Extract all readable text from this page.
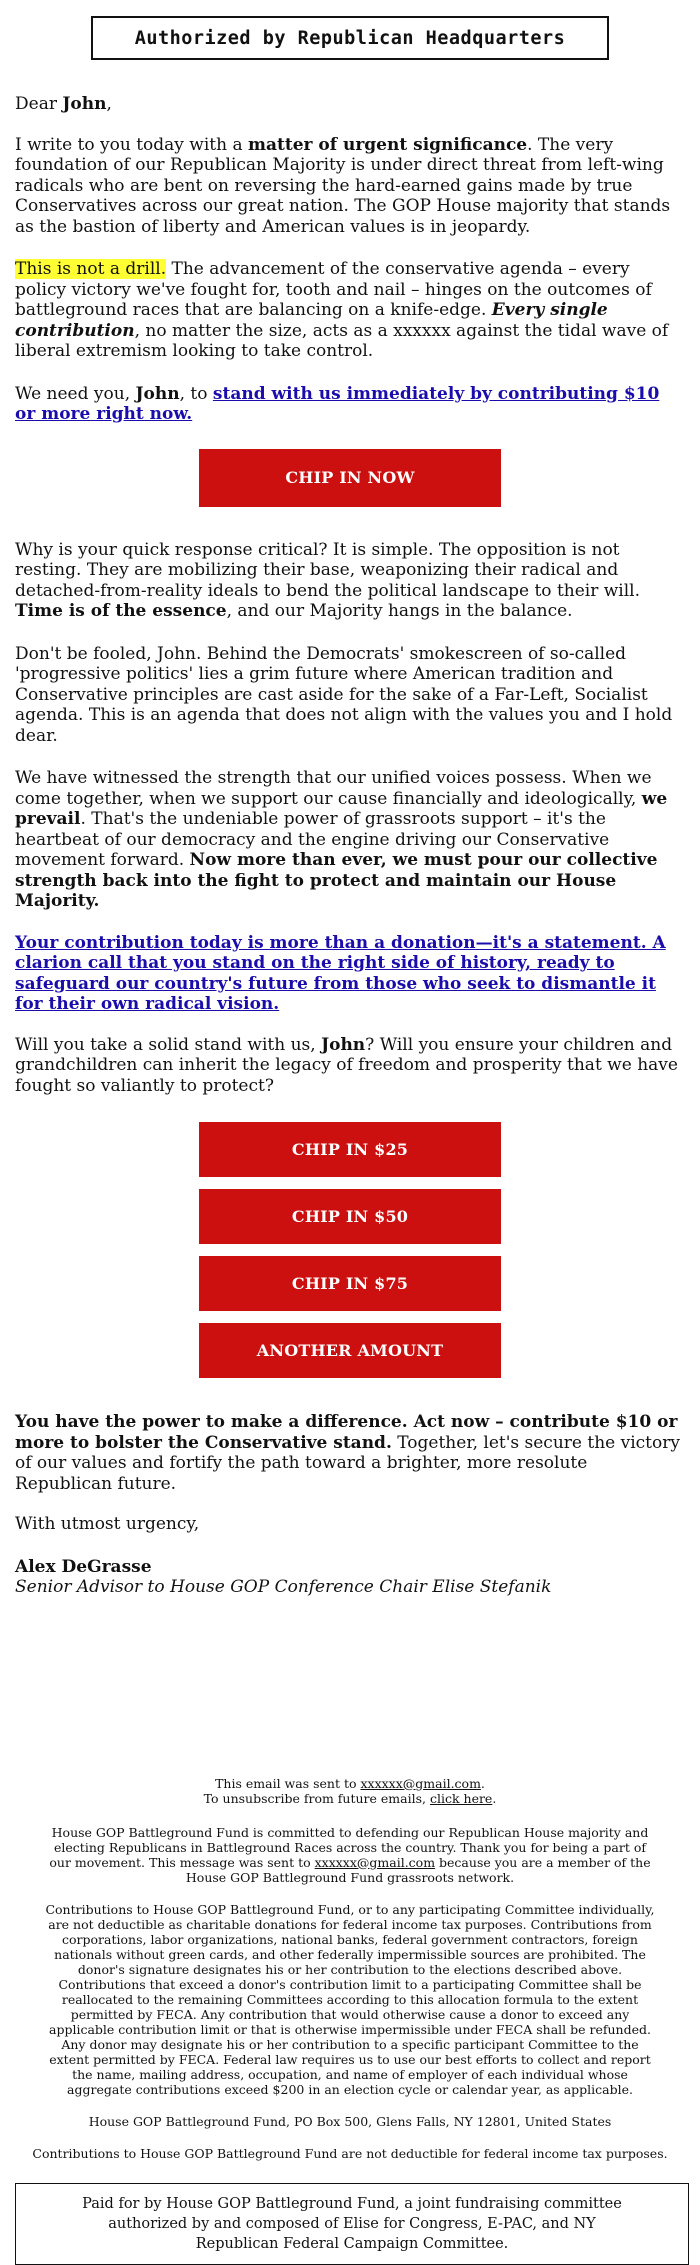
Authorized by Republican Headquarters

Dear John,

I write to you today with a matter of urgent significance. The very foundation of our Republican Majority is under direct threat from left-wing radicals who are bent on reversing the hard-earned gains made by true Conservatives across our great nation. The GOP House majority that stands as the bastion of liberty and American values is in jeopardy.

This is not a drill. The advancement of the conservative agenda – every policy victory we've fought for, tooth and nail – hinges on the outcomes of battleground races that are balancing on a knife-edge. Every single contribution, no matter the size, acts as a xxxxxx against the tidal wave of liberal extremism looking to take control.

We need you, John, to stand with us immediately by contributing $10 or more right now.

CHIP IN NOW

Why is your quick response critical? It is simple. The opposition is not resting. They are mobilizing their base, weaponizing their radical and detached-from-reality ideals to bend the political landscape to their will. Time is of the essence, and our Majority hangs in the balance.

Don't be fooled, John. Behind the Democrats' smokescreen of so-called 'progressive politics' lies a grim future where American tradition and Conservative principles are cast aside for the sake of a Far-Left, Socialist agenda. This is an agenda that does not align with the values you and I hold dear.

We have witnessed the strength that our unified voices possess. When we come together, when we support our cause financially and ideologically, we prevail. That's the undeniable power of grassroots support – it's the heartbeat of our democracy and the engine driving our Conservative movement forward. Now more than ever, we must pour our collective strength back into the fight to protect and maintain our House Majority.

Your contribution today is more than a donation—it's a statement. A clarion call that you stand on the right side of history, ready to safeguard our country's future from those who seek to dismantle it for their own radical vision.

Will you take a solid stand with us, John? Will you ensure your children and grandchildren can inherit the legacy of freedom and prosperity that we have fought so valiantly to protect?

CHIP IN $25
CHIP IN $50
CHIP IN $75
ANOTHER AMOUNT

You have the power to make a difference. Act now – contribute $10 or more to bolster the Conservative stand. Together, let's secure the victory of our values and fortify the path toward a brighter, more resolute Republican future.

With utmost urgency,

Alex DeGrasse

Senior Advisor to House GOP Conference Chair Elise Stefanik

This email was sent to xxxxxx@gmail.com.
To unsubscribe from future emails, click here.

House GOP Battleground Fund is committed to defending our Republican House majority and electing Republicans in Battleground Races across the country. Thank you for being a part of our movement. This message was sent to xxxxxx@gmail.com because you are a member of the House GOP Battleground Fund grassroots network.

Contributions to House GOP Battleground Fund, or to any participating Committee individually, are not deductible as charitable donations for federal income tax purposes. Contributions from corporations, labor organizations, national banks, federal government contractors, foreign nationals without green cards, and other federally impermissible sources are prohibited. The donor's signature designates his or her contribution to the elections described above. Contributions that exceed a donor's contribution limit to a participating Committee shall be reallocated to the remaining Committees according to this allocation formula to the extent permitted by FECA. Any contribution that would otherwise cause a donor to exceed any applicable contribution limit or that is otherwise impermissible under FECA shall be refunded. Any donor may designate his or her contribution to a specific participant Committee to the extent permitted by FECA. Federal law requires us to use our best efforts to collect and report the name, mailing address, occupation, and name of employer of each individual whose aggregate contributions exceed $200 in an election cycle or calendar year, as applicable.

House GOP Battleground Fund, PO Box 500, Glens Falls, NY 12801, United States

Contributions to House GOP Battleground Fund are not deductible for federal income tax purposes.

Paid for by House GOP Battleground Fund, a joint fundraising committee authorized by and composed of Elise for Congress, E-PAC, and NY Republican Federal Campaign Committee.
